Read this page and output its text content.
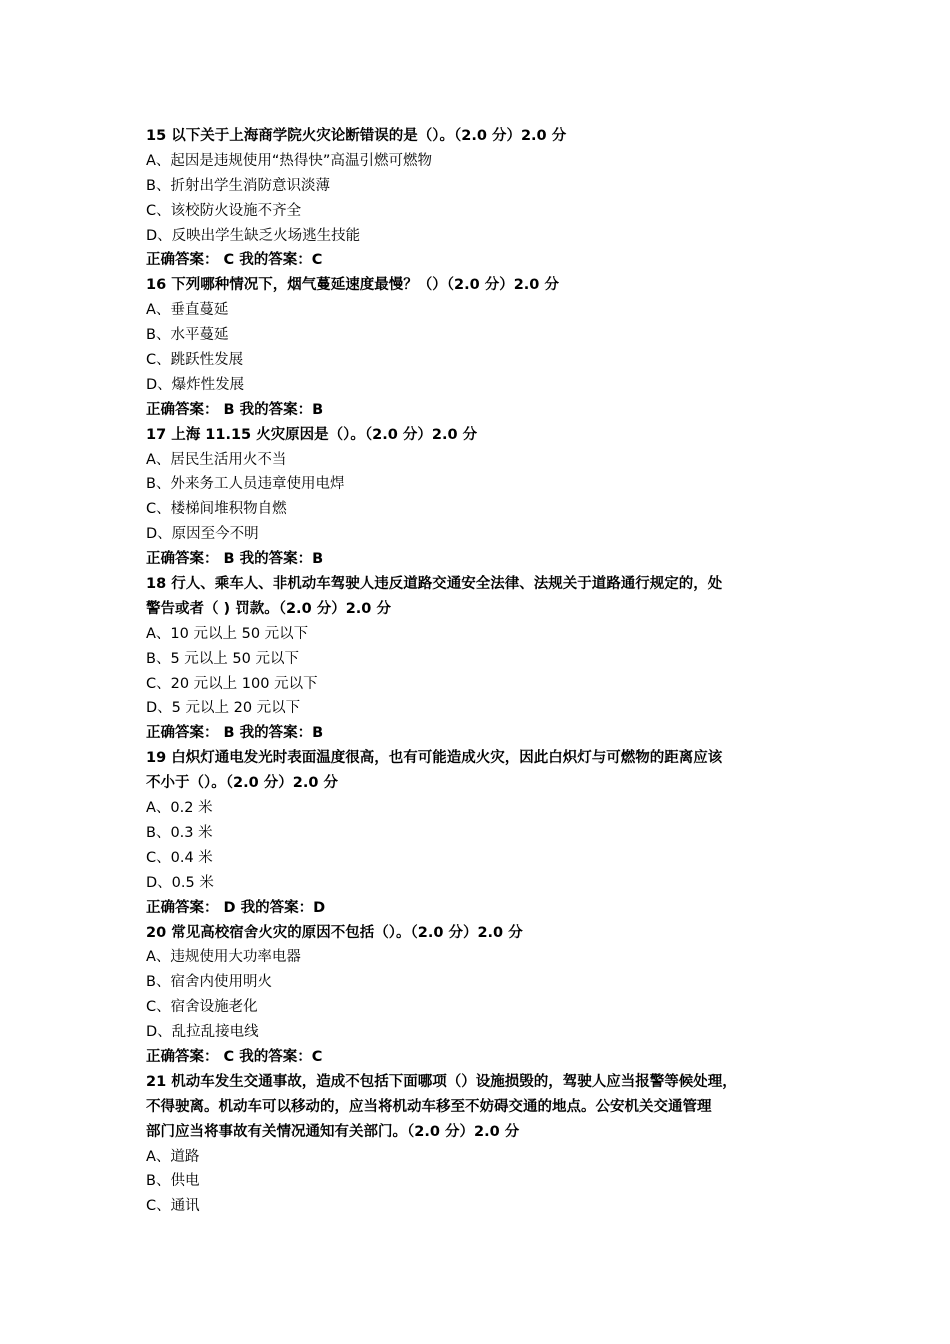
15 以下关于上海商学院火灾论断错误的是（）。（2.0 分）2.0 分
A、起因是违规使用“热得快”高温引燃可燃物
B、折射出学生消防意识淡薄
C、该校防火设施不齐全
D、反映出学生缺乏火场逃生技能
正确答案： C 我的答案：C
16 下列哪种情况下，烟气蔓延速度最慢？（）（2.0 分）2.0 分
A、垂直蔓延
B、水平蔓延
C、跳跃性发展
D、爆炸性发展
正确答案： B 我的答案：B
17 上海 11.15 火灾原因是（）。（2.0 分）2.0 分
A、居民生活用火不当
B、外来务工人员违章使用电焊
C、楼梯间堆积物自燃
D、原因至今不明
正确答案： B 我的答案：B
18 行人、乘车人、非机动车驾驶人违反道路交通安全法律、法规关于道路通行规定的，处
警告或者（ ) 罚款。（2.0 分）2.0 分
A、10 元以上 50 元以下
B、5 元以上 50 元以下
C、20 元以上 100 元以下
D、5 元以上 20 元以下
正确答案： B 我的答案：B
19 白炽灯通电发光时表面温度很高，也有可能造成火灾，因此白炽灯与可燃物的距离应该
不小于（）。（2.0 分）2.0 分
A、0.2 米
B、0.3 米
C、0.4 米
D、0.5 米
正确答案： D 我的答案：D
20 常见高校宿舍火灾的原因不包括（）。（2.0 分）2.0 分
A、违规使用大功率电器
B、宿舍内使用明火
C、宿舍设施老化
D、乱拉乱接电线
正确答案： C 我的答案：C
21 机动车发生交通事故，造成不包括下面哪项（）设施损毁的，驾驶人应当报警等候处理，
不得驶离。机动车可以移动的，应当将机动车移至不妨碍交通的地点。公安机关交通管理
部门应当将事故有关情况通知有关部门。（2.0 分）2.0 分
A、道路
B、供电
C、通讯
